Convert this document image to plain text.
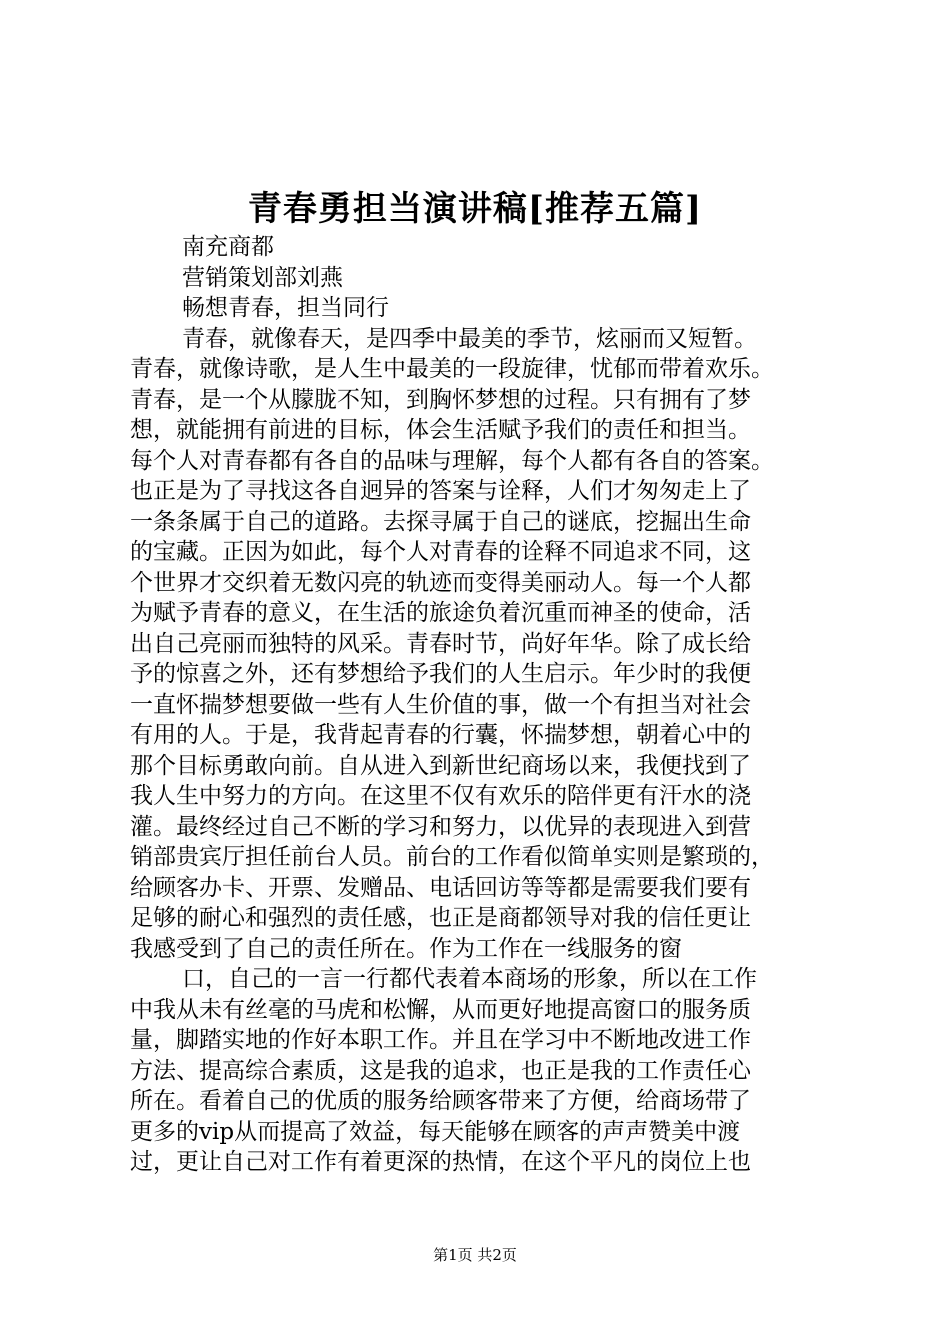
青春勇担当演讲稿[推荐五篇]
南充商都
营销策划部刘燕
畅想青春，担当同行
青春，就像春天，是四季中最美的季节，炫丽而又短暂。
青春，就像诗歌，是人生中最美的一段旋律，忧郁而带着欢乐。
青春，是一个从朦胧不知，到胸怀梦想的过程。只有拥有了梦
想，就能拥有前进的目标，体会生活赋予我们的责任和担当。
每个人对青春都有各自的品味与理解，每个人都有各自的答案。
也正是为了寻找这各自迥异的答案与诠释，人们才匆匆走上了
一条条属于自己的道路。去探寻属于自己的谜底，挖掘出生命
的宝藏。正因为如此，每个人对青春的诠释不同追求不同，这
个世界才交织着无数闪亮的轨迹而变得美丽动人。每一个人都
为赋予青春的意义，在生活的旅途负着沉重而神圣的使命，活
出自己亮丽而独特的风采。青春时节，尚好年华。除了成长给
予的惊喜之外，还有梦想给予我们的人生启示。年少时的我便
一直怀揣梦想要做一些有人生价值的事，做一个有担当对社会
有用的人。于是，我背起青春的行囊，怀揣梦想，朝着心中的
那个目标勇敢向前。自从进入到新世纪商场以来，我便找到了
我人生中努力的方向。在这里不仅有欢乐的陪伴更有汗水的浇
灌。最终经过自己不断的学习和努力，以优异的表现进入到营
销部贵宾厅担任前台人员。前台的工作看似简单实则是繁琐的，
给顾客办卡、开票、发赠品、电话回访等等都是需要我们要有
足够的耐心和强烈的责任感，也正是商都领导对我的信任更让
我感受到了自己的责任所在。作为工作在一线服务的窗
口，自己的一言一行都代表着本商场的形象，所以在工作
中我从未有丝毫的马虎和松懈，从而更好地提高窗口的服务质
量，脚踏实地的作好本职工作。并且在学习中不断地改进工作
方法、提高综合素质，这是我的追求，也正是我的工作责任心
所在。看着自己的优质的服务给顾客带来了方便，给商场带了
更多的vip从而提高了效益，每天能够在顾客的声声赞美中渡
过，更让自己对工作有着更深的热情，在这个平凡的岗位上也
第1页 共2页
